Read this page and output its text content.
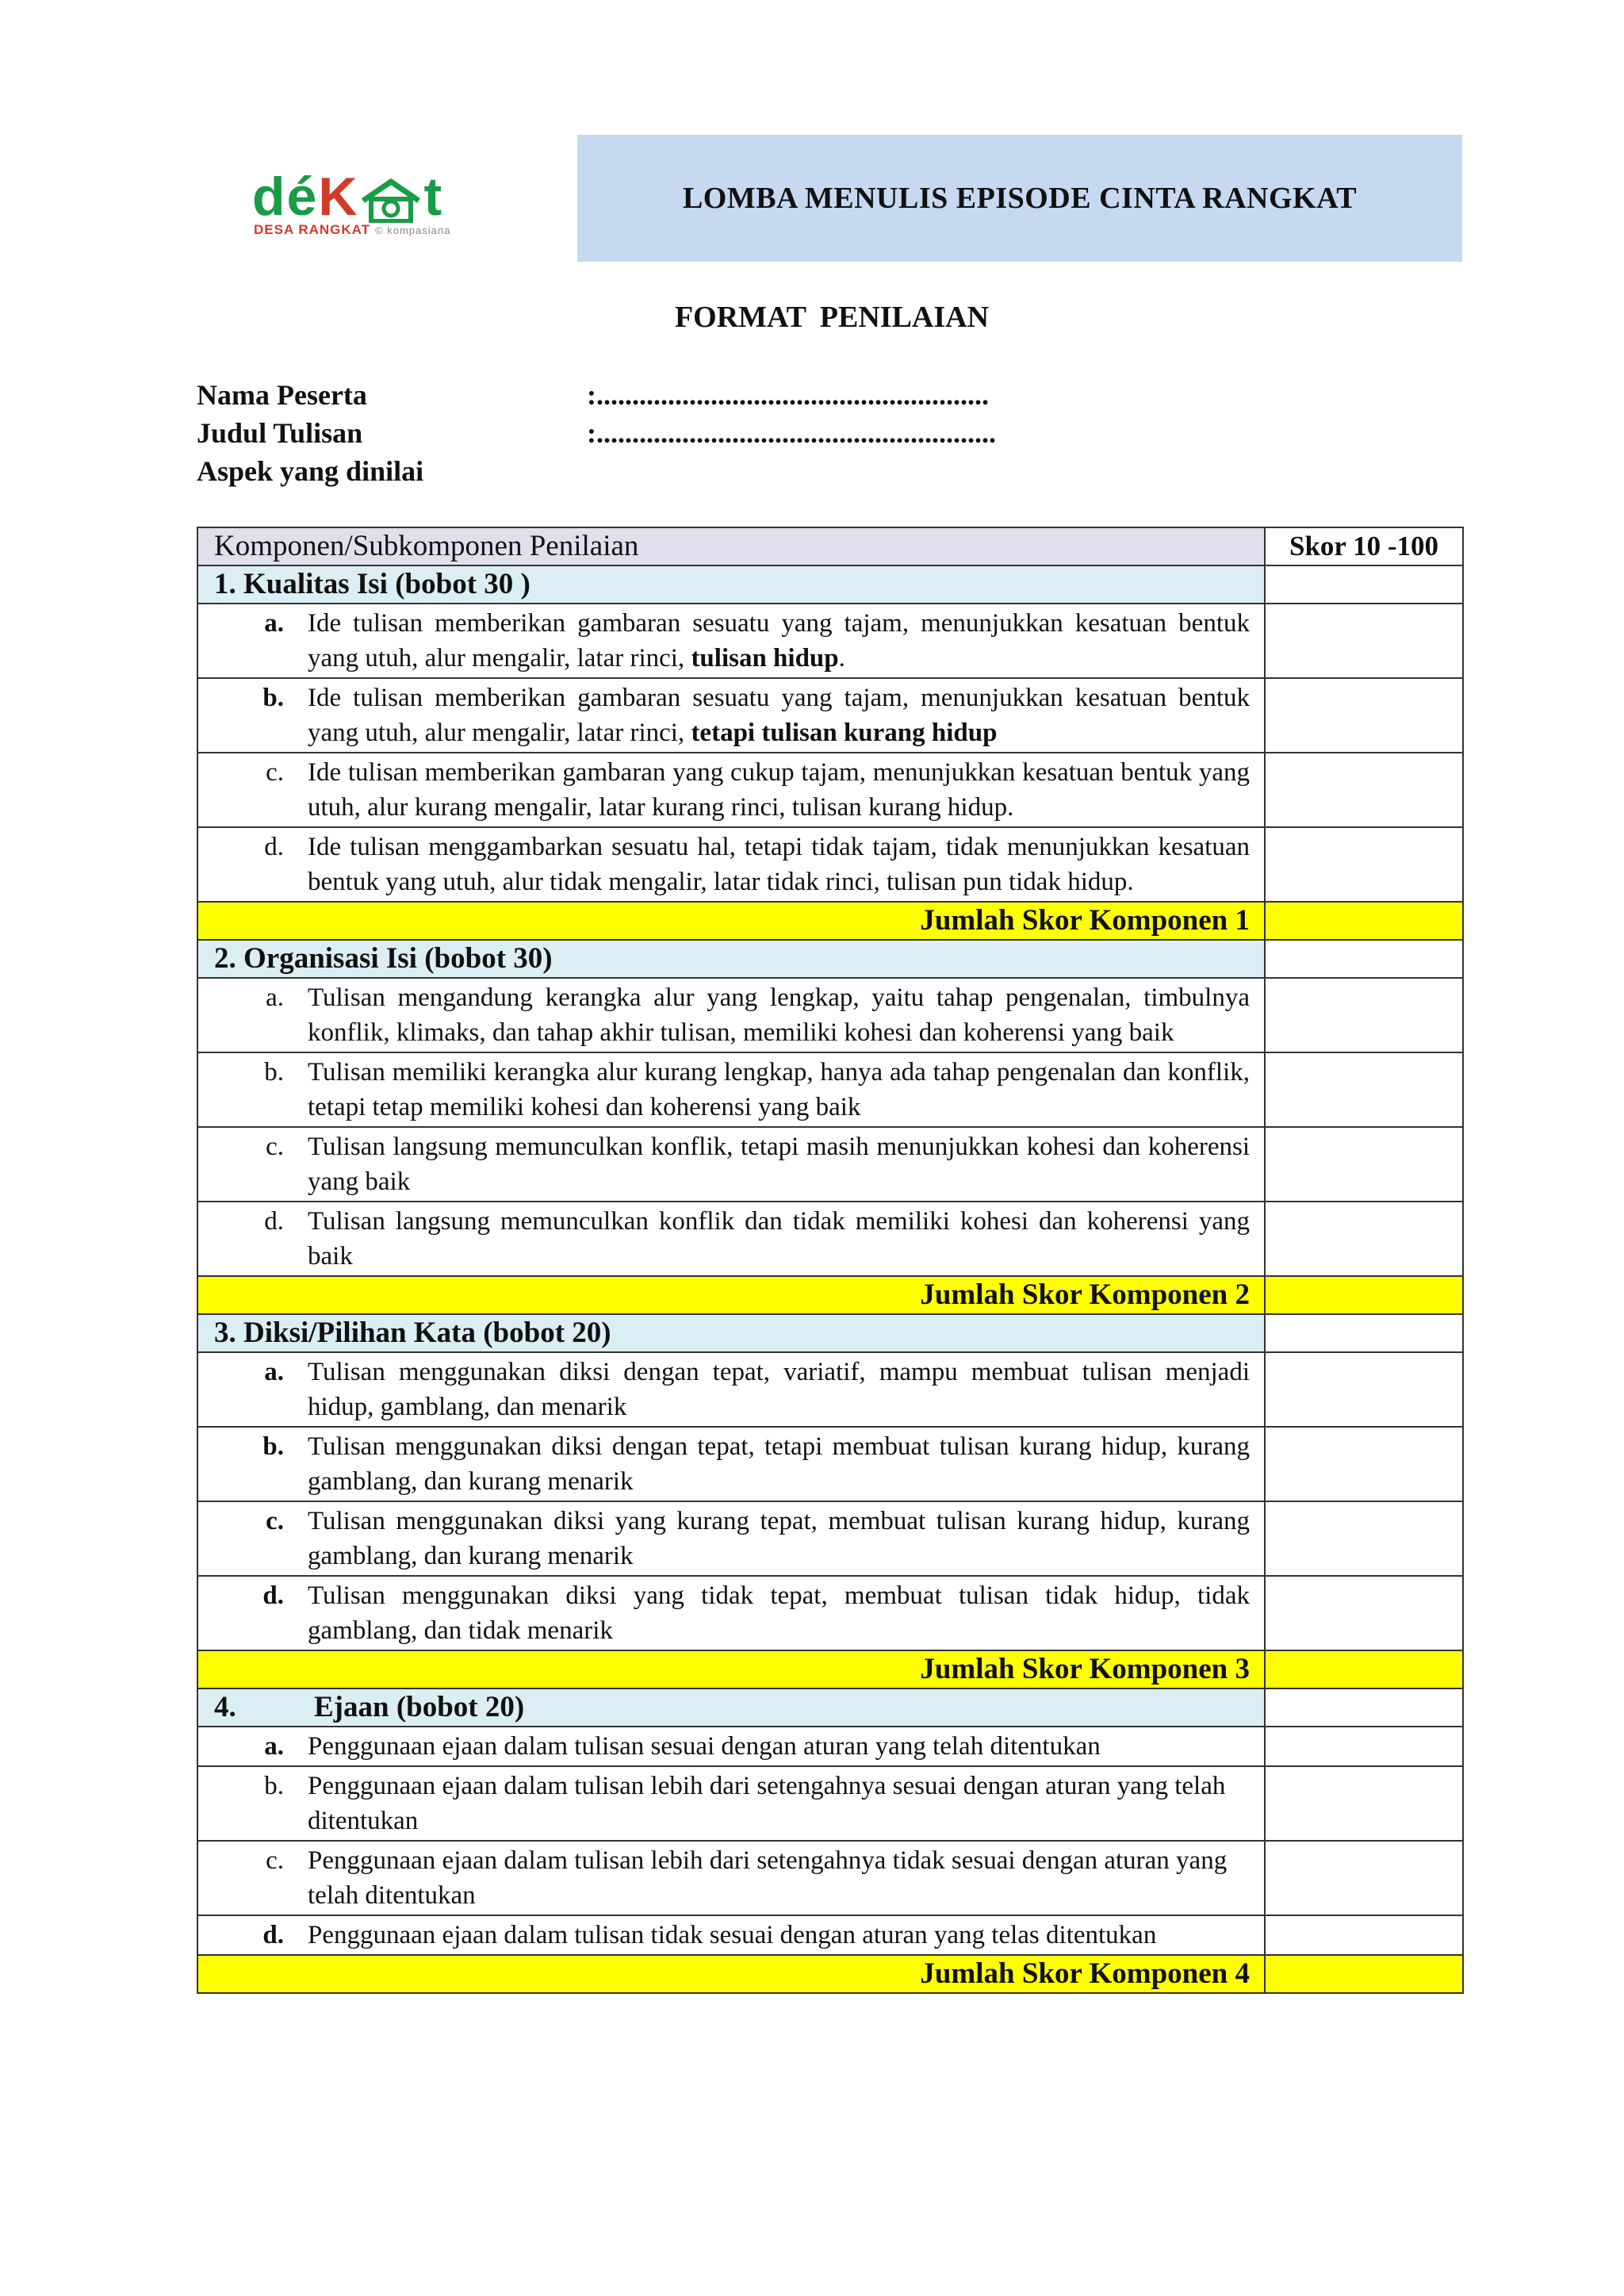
déK t
DESA RANGKAT © kompasiana
LOMBA MENULIS EPISODE CINTA RANGKAT
FORMAT PENILAIAN
Nama Peserta	:.......................................................
Judul Tulisan	:........................................................
Aspek yang dinilai
Komponen/Subkomponen Penilaian	Skor 10 -100
1. Kualitas Isi (bobot 30 )	

a. Ide tulisan memberikan gambaran sesuatu yang tajam, menunjukkan kesatuan bentuk yang utuh, alur mengalir, latar rinci, tulisan hidup.	

b. Ide tulisan memberikan gambaran sesuatu yang tajam, menunjukkan kesatuan bentuk yang utuh, alur mengalir, latar rinci, tetapi tulisan kurang hidup	

c. Ide tulisan memberikan gambaran yang cukup tajam, menunjukkan kesatuan bentuk yang utuh, alur kurang mengalir, latar kurang rinci, tulisan kurang hidup.	

d. Ide tulisan menggambarkan sesuatu hal, tetapi tidak tajam, tidak menunjukkan kesatuan bentuk yang utuh, alur tidak mengalir, latar tidak rinci, tulisan pun tidak hidup.	

Jumlah Skor Komponen 1	
2. Organisasi Isi (bobot 30)	

a. Tulisan mengandung kerangka alur yang lengkap, yaitu tahap pengenalan, timbulnya konflik, klimaks, dan tahap akhir tulisan, memiliki kohesi dan koherensi yang baik	

b. Tulisan memiliki kerangka alur kurang lengkap, hanya ada tahap pengenalan dan konflik, tetapi tetap memiliki kohesi dan koherensi yang baik	

c. Tulisan langsung memunculkan konflik, tetapi masih menunjukkan kohesi dan koherensi yang baik	

d. Tulisan langsung memunculkan konflik dan tidak memiliki kohesi dan koherensi yang baik	

Jumlah Skor Komponen 2	
3. Diksi/Pilihan Kata (bobot 20)	

a. Tulisan menggunakan diksi dengan tepat, variatif, mampu membuat tulisan menjadi hidup, gamblang, dan menarik	

b. Tulisan menggunakan diksi dengan tepat, tetapi membuat tulisan kurang hidup, kurang gamblang, dan kurang menarik	

c. Tulisan menggunakan diksi yang kurang tepat, membuat tulisan kurang hidup, kurang gamblang, dan kurang menarik	

d. Tulisan menggunakan diksi yang tidak tepat, membuat tulisan tidak hidup, tidak gamblang, dan tidak menarik	

Jumlah Skor Komponen 3	
4. Ejaan (bobot 20)	

a. Penggunaan ejaan dalam tulisan sesuai dengan aturan yang telah ditentukan	

b. Penggunaan ejaan dalam tulisan lebih dari setengahnya sesuai dengan aturan yang telah ditentukan	

c. Penggunaan ejaan dalam tulisan lebih dari setengahnya tidak sesuai dengan aturan yang telah ditentukan	

d. Penggunaan ejaan dalam tulisan tidak sesuai dengan aturan yang telas ditentukan	

Jumlah Skor Komponen 4	
